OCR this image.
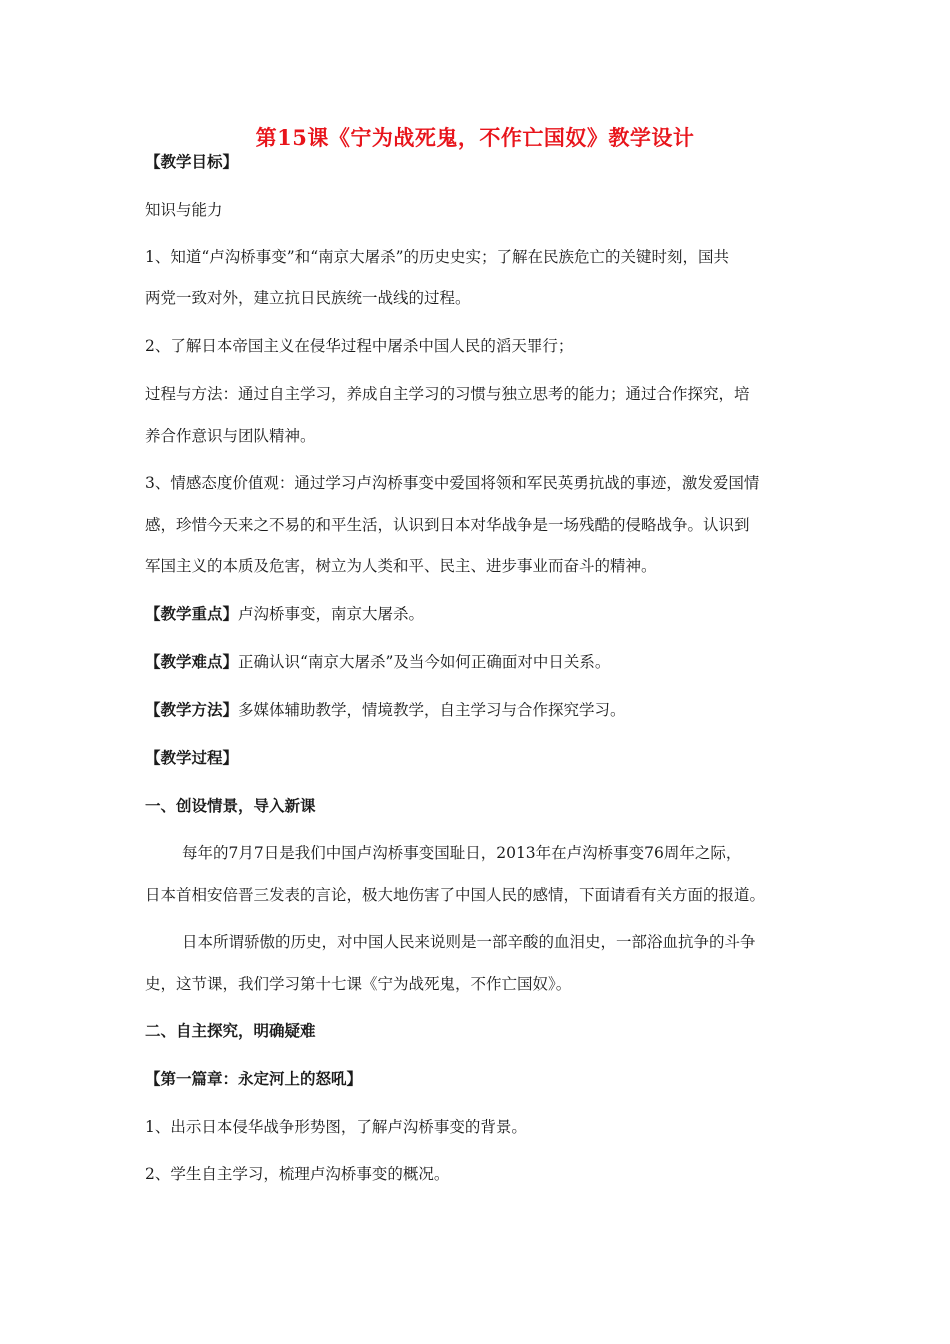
第15课《宁为战死鬼，不作亡国奴》教学设计
【教学目标】
知识与能力
1、知道“卢沟桥事变”和“南京大屠杀”的历史史实；了解在民族危亡的关键时刻，国共
两党一致对外，建立抗日民族统一战线的过程。
2、了解日本帝国主义在侵华过程中屠杀中国人民的滔天罪行；
过程与方法：通过自主学习，养成自主学习的习惯与独立思考的能力；通过合作探究，培
养合作意识与团队精神。
3、情感态度价值观：通过学习卢沟桥事变中爱国将领和军民英勇抗战的事迹，激发爱国情
感，珍惜今天来之不易的和平生活，认识到日本对华战争是一场残酷的侵略战争。认识到
军国主义的本质及危害，树立为人类和平、民主、进步事业而奋斗的精神。
【教学重点】卢沟桥事变，南京大屠杀。
【教学难点】正确认识“南京大屠杀”及当今如何正确面对中日关系。
【教学方法】多媒体辅助教学，情境教学，自主学习与合作探究学习。
【教学过程】
一、创设情景，导入新课
每年的7月7日是我们中国卢沟桥事变国耻日，2013年在卢沟桥事变76周年之际，
日本首相安倍晋三发表的言论，极大地伤害了中国人民的感情，下面请看有关方面的报道。
日本所谓骄傲的历史，对中国人民来说则是一部辛酸的血泪史，一部浴血抗争的斗争
史，这节课，我们学习第十七课《宁为战死鬼，不作亡国奴》。
二、自主探究，明确疑难
【第一篇章：永定河上的怒吼】
1、出示日本侵华战争形势图，了解卢沟桥事变的背景。
2、学生自主学习，梳理卢沟桥事变的概况。
